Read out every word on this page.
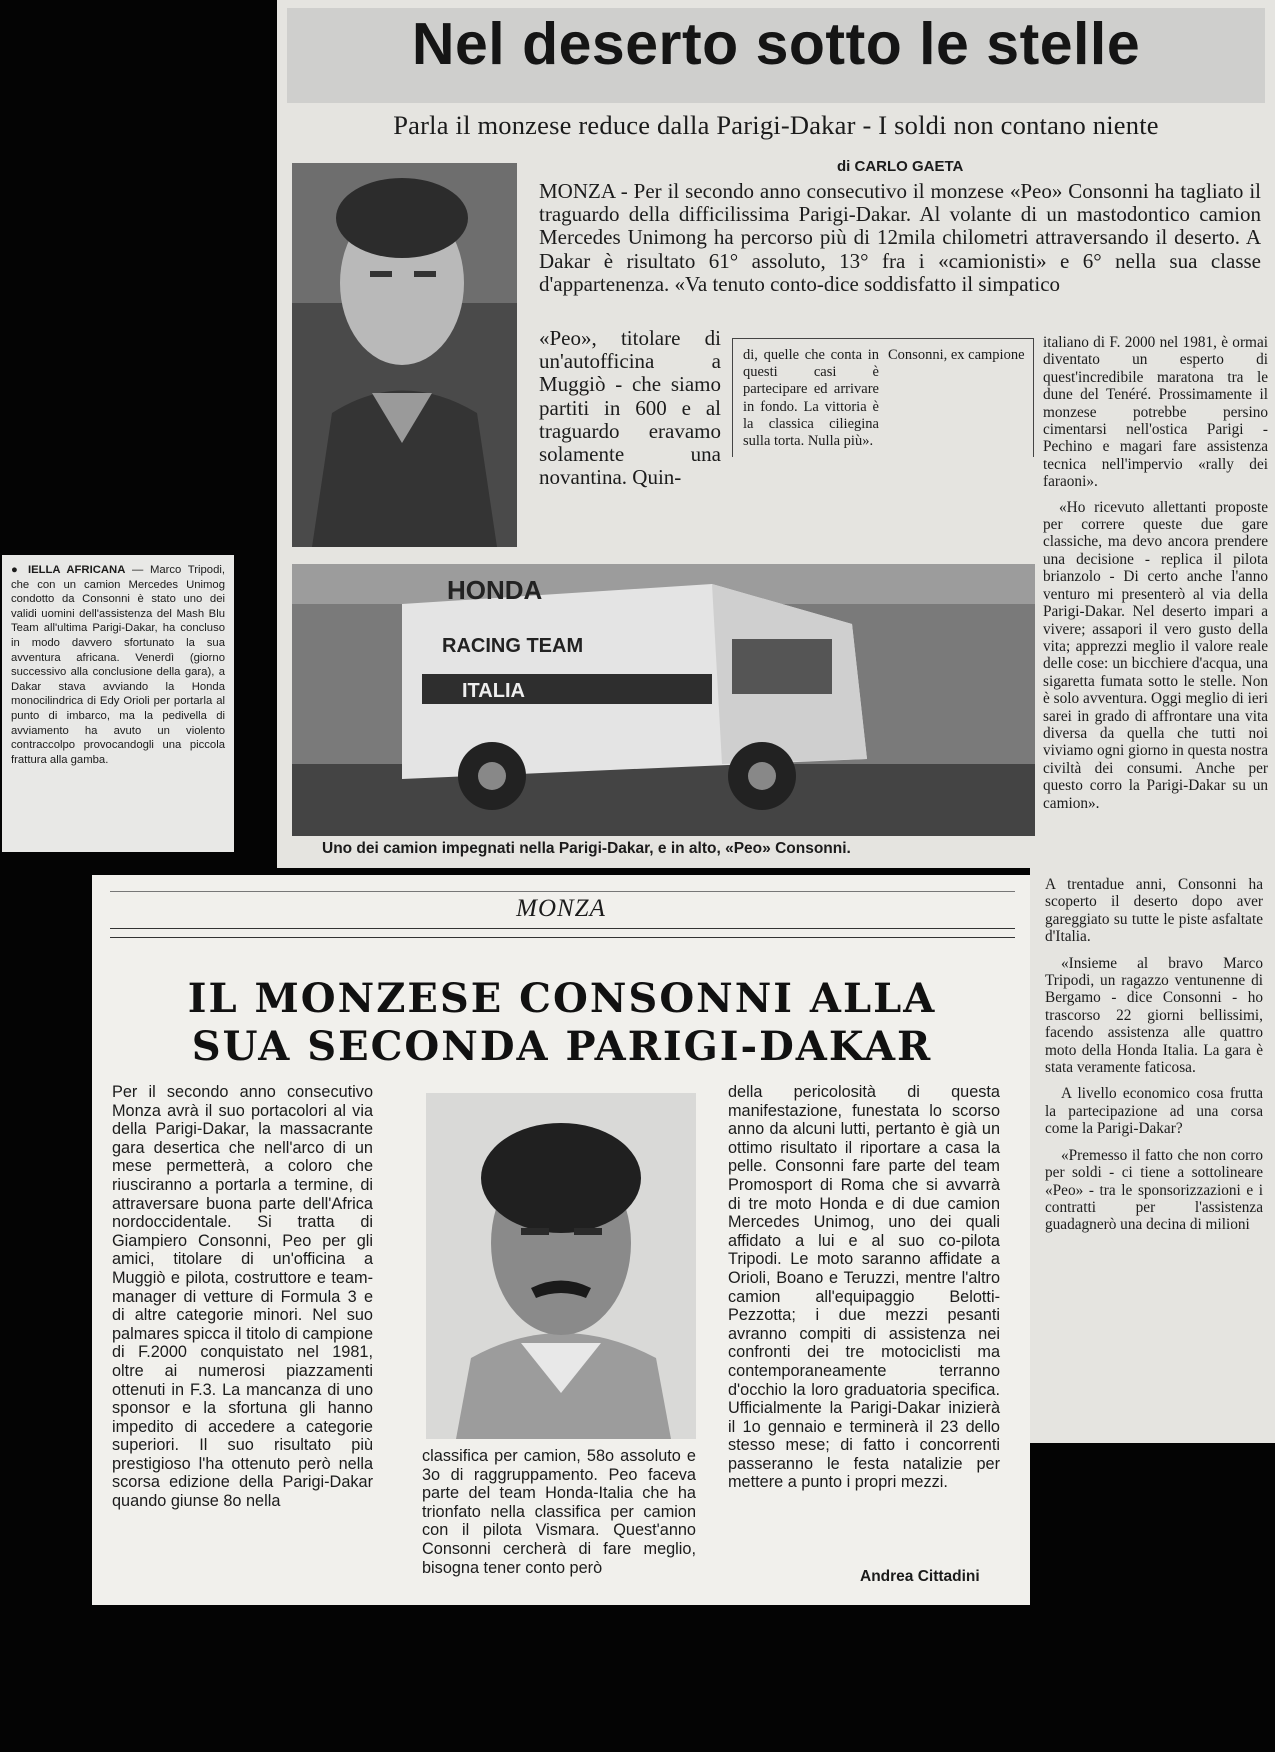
● IELLA AFRICANA — Marco Tripodi, che con un camion Mercedes Unimog condotto da Consonni è stato uno dei validi uomini dell'assistenza del Mash Blu Team all'ultima Parigi-Dakar, ha concluso in modo davvero sfortunato la sua avventura africana. Venerdì (giorno successivo alla conclusione della gara), a Dakar stava avviando la Honda monocilindrica di Edy Orioli per portarla al punto di imbarco, ma la pedivella di avviamento ha avuto un violento contraccolpo provocandogli una piccola frattura alla gamba.
Nel deserto sotto le stelle
Parla il monzese reduce dalla Parigi-Dakar - I soldi non contano niente
di CARLO GAETA
MONZA - Per il secondo anno consecutivo il monzese «Peo» Consonni ha tagliato il traguardo della difficilissima Parigi-Dakar. Al volante di un mastodontico camion Mercedes Unimong ha percorso più di 12mila chilometri attraversando il deserto. A Dakar è risultato 61° assoluto, 13° fra i «camionisti» e 6° nella sua classe d'appartenenza. «Va tenuto conto-dice soddisfatto il simpatico
«Peo», titolare di un'autofficina a Muggiò - che siamo partiti in 600 e al traguardo eravamo solamente una novantina. Quin-
di, quelle che conta in questi casi è partecipare ed arrivare in fondo. La vittoria è la classica ciliegina sulla torta. Nulla più».
Consonni, ex campione

italiano di F. 2000 nel 1981, è ormai diventato un esperto di quest'incredibile maratona tra le dune del Tenéré. Prossimamente il monzese potrebbe persino cimentarsi nell'ostica Parigi - Pechino e magari fare assistenza tecnica nell'impervio «rally dei faraoni».

«Ho ricevuto allettanti proposte per correre queste due gare classiche, ma devo ancora prendere una decisione - replica il pilota brianzolo - Di certo anche l'anno venturo mi presenterò al via della Parigi-Dakar. Nel deserto impari a vivere; assapori il vero gusto della vita; apprezzi meglio il valore reale delle cose: un bicchiere d'acqua, una sigaretta fumata sotto le stelle. Non è solo avventura. Oggi meglio di ieri sarei in grado di affrontare una vita diversa da quella che tutti noi viviamo ogni giorno in questa nostra civiltà dei consumi. Anche per questo corro la Parigi-Dakar su un camion».

HONDA
RACING TEAM
ITALIA
Uno dei camion impegnati nella Parigi-Dakar, e in alto, «Peo» Consonni.

A trentadue anni, Consonni ha scoperto il deserto dopo aver gareggiato su tutte le piste asfaltate d'Italia.

«Insieme al bravo Marco Tripodi, un ragazzo ventunenne di Bergamo - dice Consonni - ho trascorso 22 giorni bellissimi, facendo assistenza alle quattro moto della Honda Italia. La gara è stata veramente faticosa.

A livello economico cosa frutta la partecipazione ad una corsa come la Parigi-Dakar?

«Premesso il fatto che non corro per soldi - ci tiene a sottolineare «Peo» - tra le sponsorizzazioni e i contratti per l'assistenza guadagnerò una decina di milioni

MONZA
IL MONZESE CONSONNI ALLA
SUA SECONDA PARIGI-DAKAR
Per il secondo anno consecutivo Monza avrà il suo portacolori al via della Parigi-Dakar, la massacrante gara desertica che nell'arco di un mese permetterà, a coloro che riusciranno a portarla a termine, di attraversare buona parte dell'Africa nordoccidentale. Si tratta di Giampiero Consonni, Peo per gli amici, titolare di un'officina a Muggiò e pilota, costruttore e team-manager di vetture di Formula 3 e di altre categorie minori. Nel suo palmares spicca il titolo di campione di F.2000 conquistato nel 1981, oltre ai numerosi piazzamenti ottenuti in F.3. La mancanza di uno sponsor e la sfortuna gli hanno impedito di accedere a categorie superiori. Il suo risultato più prestigioso l'ha ottenuto però nella scorsa edizione della Parigi-Dakar quando giunse 8o nella
classifica per camion, 58o assoluto e 3o di raggruppamento. Peo faceva parte del team Honda-Italia che ha trionfato nella classifica per camion con il pilota Vismara. Quest'anno Consonni cercherà di fare meglio, bisogna tener conto però
della pericolosità di questa manifestazione, funestata lo scorso anno da alcuni lutti, pertanto è già un ottimo risultato il riportare a casa la pelle. Consonni fare parte del team Promosport di Roma che si avvarrà di tre moto Honda e di due camion Mercedes Unimog, uno dei quali affidato a lui e al suo co-pilota Tripodi. Le moto saranno affidate a Orioli, Boano e Teruzzi, mentre l'altro camion all'equipaggio Belotti-Pezzotta; i due mezzi pesanti avranno compiti di assistenza nei confronti dei tre motociclisti ma contemporaneamente terranno d'occhio la loro graduatoria specifica. Ufficialmente la Parigi-Dakar inizierà il 1o gennaio e terminerà il 23 dello stesso mese; di fatto i concorrenti passeranno le festa natalizie per mettere a punto i propri mezzi.
Andrea Cittadini
